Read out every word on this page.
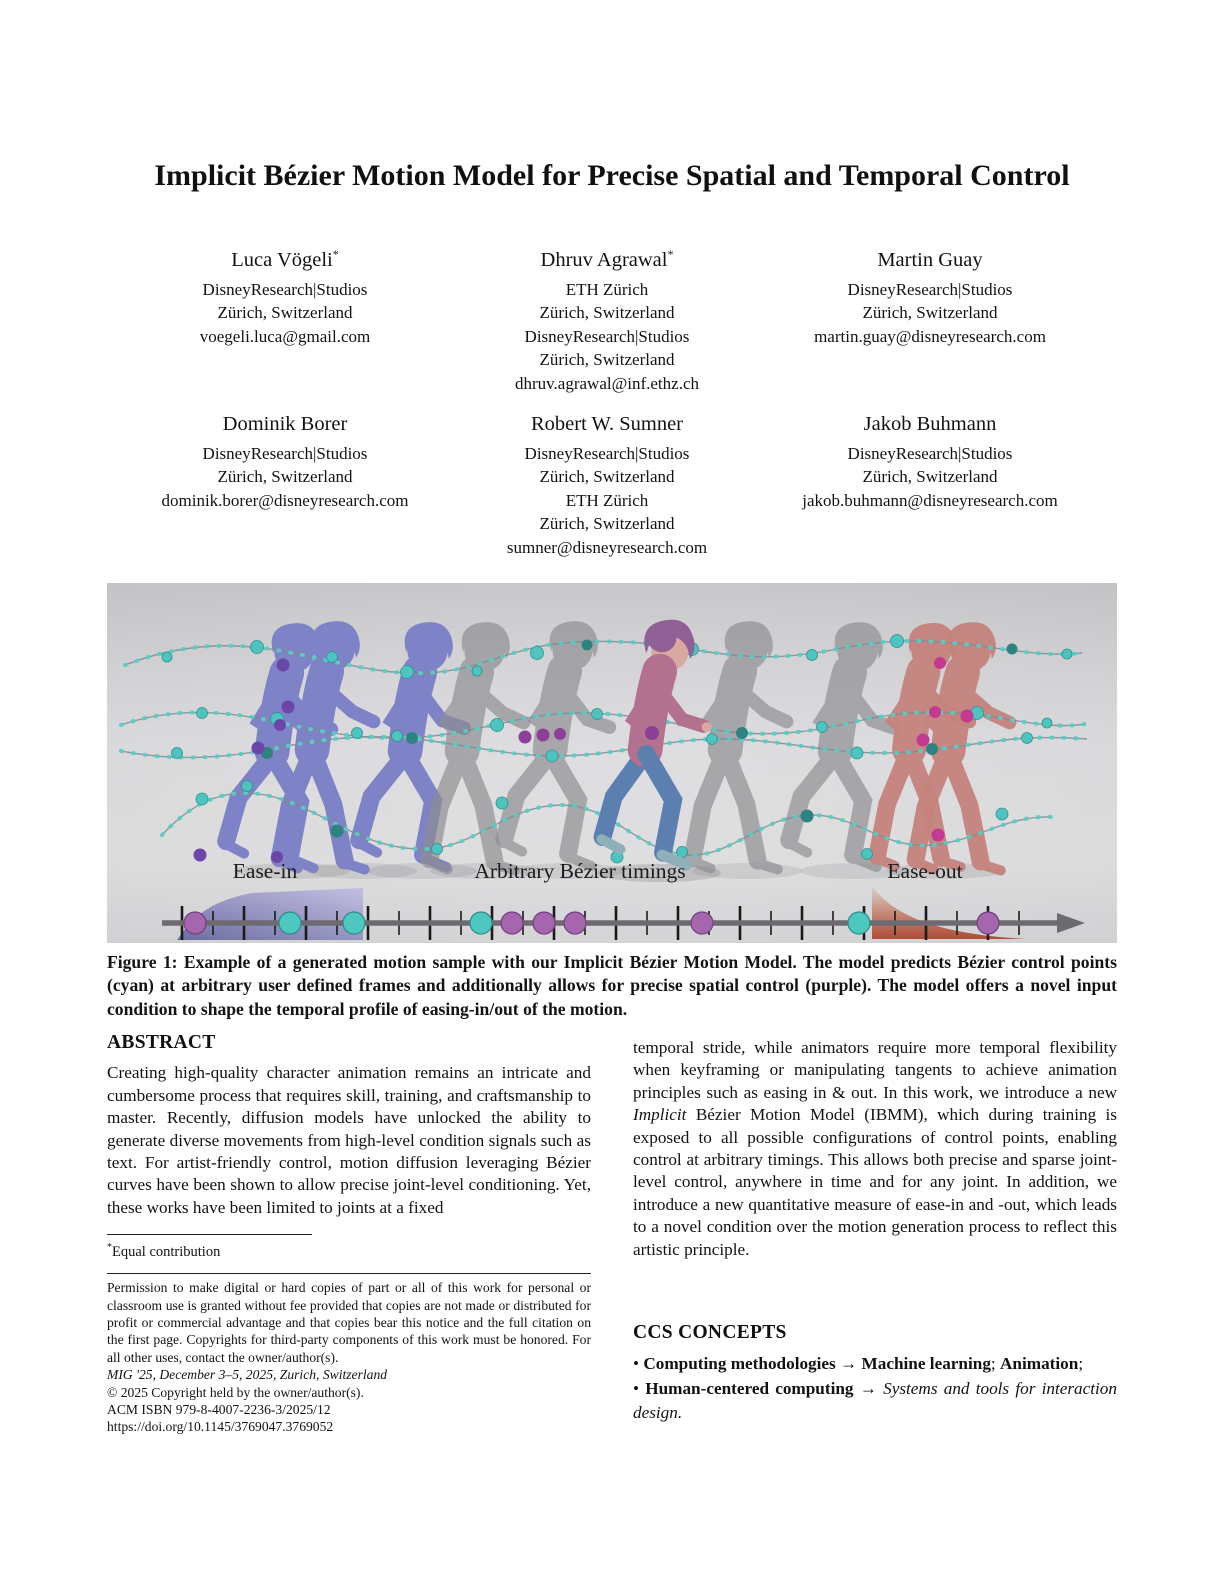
Implicit Bézier Motion Model for Precise Spatial and Temporal Control
Luca Vögeli*
DisneyResearch|Studios
Zürich, Switzerland
voegeli.luca@gmail.com
Dhruv Agrawal*
ETH Zürich
Zürich, Switzerland
DisneyResearch|Studios
Zürich, Switzerland
dhruv.agrawal@inf.ethz.ch
Martin Guay
DisneyResearch|Studios
Zürich, Switzerland
martin.guay@disneyresearch.com
Dominik Borer
DisneyResearch|Studios
Zürich, Switzerland
dominik.borer@disneyresearch.com
Robert W. Sumner
DisneyResearch|Studios
Zürich, Switzerland
ETH Zürich
Zürich, Switzerland
sumner@disneyresearch.com
Jakob Buhmann
DisneyResearch|Studios
Zürich, Switzerland
jakob.buhmann@disneyresearch.com
Ease-in	Arbitrary Bézier timings	Ease-out
Figure 1: Example of a generated motion sample with our Implicit Bézier Motion Model. The model predicts Bézier control points (cyan) at arbitrary user defined frames and additionally allows for precise spatial control (purple). The model offers a novel input condition to shape the temporal profile of easing-in/out of the motion.
ABSTRACT

Creating high-quality character animation remains an intricate and cumbersome process that requires skill, training, and craftsmanship to master. Recently, diffusion models have unlocked the ability to generate diverse movements from high-level condition signals such as text. For artist-friendly control, motion diffusion leveraging Bézier curves have been shown to allow precise joint-level conditioning. Yet, these works have been limited to joints at a fixed

*Equal contribution
Permission to make digital or hard copies of part or all of this work for personal or classroom use is granted without fee provided that copies are not made or distributed for profit or commercial advantage and that copies bear this notice and the full citation on the first page. Copyrights for third-party components of this work must be honored. For all other uses, contact the owner/author(s).
MIG '25, December 3–5, 2025, Zurich, Switzerland
© 2025 Copyright held by the owner/author(s).
ACM ISBN 979-8-4007-2236-3/2025/12
https://doi.org/10.1145/3769047.3769052

temporal stride, while animators require more temporal flexibility when keyframing or manipulating tangents to achieve animation principles such as easing in & out. In this work, we introduce a new Implicit Bézier Motion Model (IBMM), which during training is exposed to all possible configurations of control points, enabling control at arbitrary timings. This allows both precise and sparse joint-level control, anywhere in time and for any joint. In addition, we introduce a new quantitative measure of ease-in and -out, which leads to a novel condition over the motion generation process to reflect this artistic principle.

CCS CONCEPTS
• Computing methodologies → Machine learning; Animation;
• Human-centered computing → Systems and tools for interaction design.
